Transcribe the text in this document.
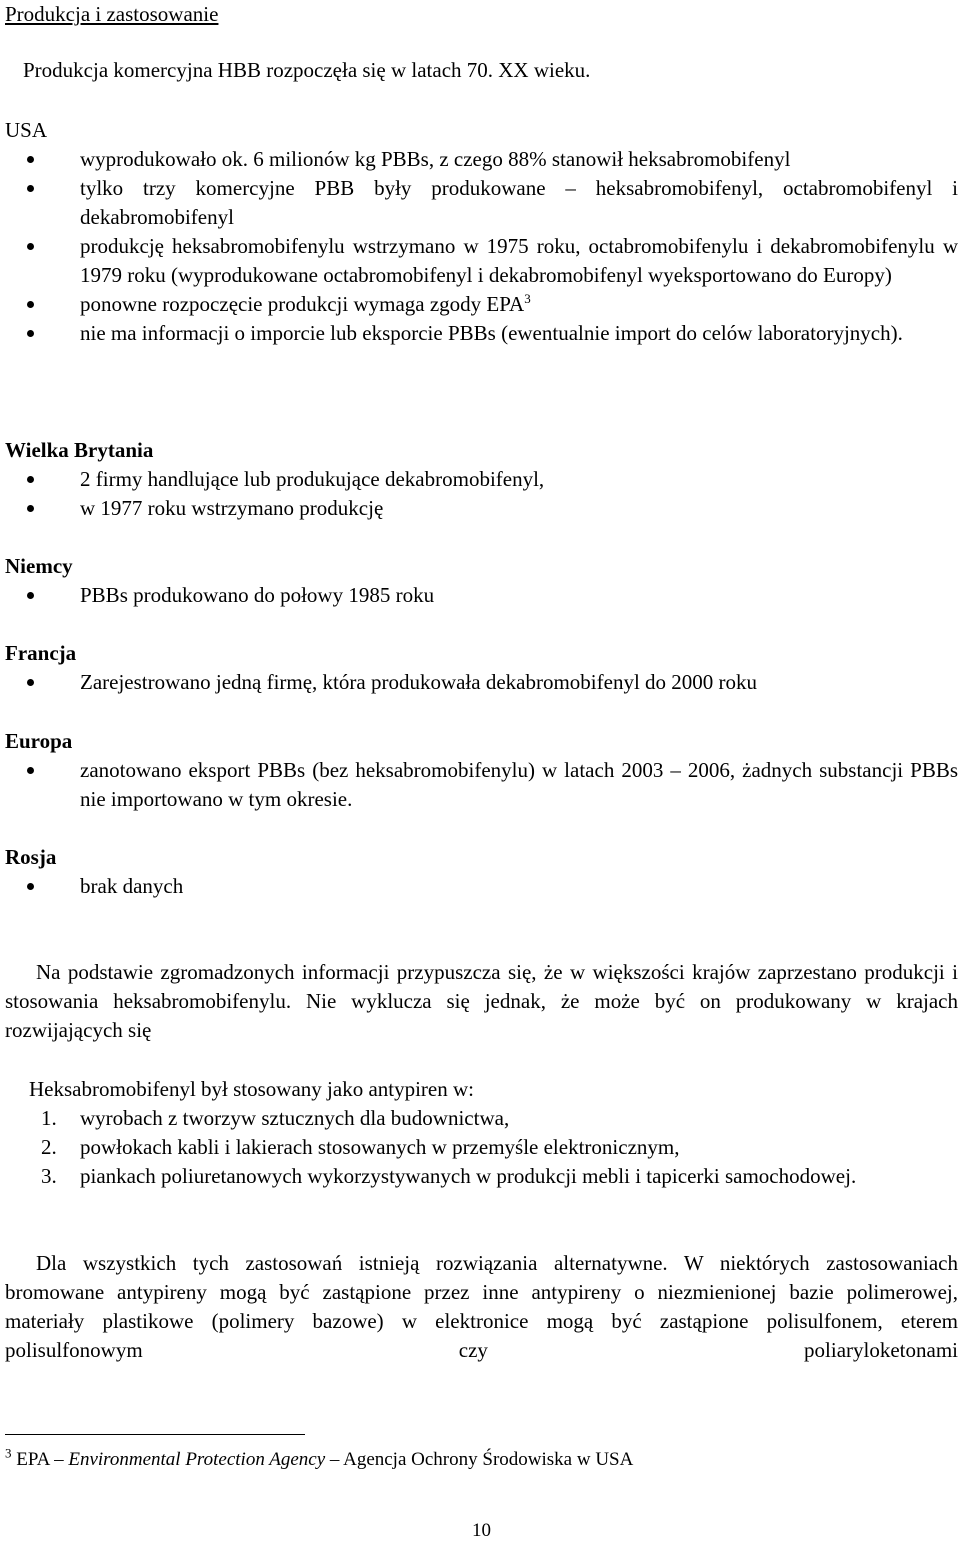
Produkcja i zastosowanie

Produkcja komercyjna HBB rozpoczęła się w latach 70. XX wieku.

USA

wyprodukowało ok. 6 milionów kg PBBs, z czego 88% stanowił heksabromobifenyl
tylko trzy komercyjne PBB były produkowane – heksabromobifenyl, octabromobifenyl i dekabromobifenyl
produkcję heksabromobifenylu wstrzymano w 1975 roku, octabromobifenylu i dekabromobifenylu w 1979 roku (wyprodukowane octabromobifenyl i dekabromobifenyl wyeksportowano do Europy)
ponowne rozpoczęcie produkcji wymaga zgody EPA$^3$
nie ma informacji o imporcie lub eksporcie PBBs (ewentualnie import do celów laboratoryjnych).

Wielka Brytania

2 firmy handlujące lub produkujące dekabromobifenyl,
w 1977 roku wstrzymano produkcję

Niemcy

PBBs produkowano do połowy 1985 roku

Francja

Zarejestrowano jedną firmę, która produkowała dekabromobifenyl do 2000 roku

Europa

zanotowano eksport PBBs (bez heksabromobifenylu) w latach 2003 – 2006, żadnych substancji PBBs nie importowano w tym okresie.

Rosja

brak danych

Na podstawie zgromadzonych informacji przypuszcza się, że w większości krajów zaprzestano produkcji i stosowania heksabromobifenylu. Nie wyklucza się jednak, że może być on produkowany w krajach rozwijających się

Heksabromobifenyl był stosowany jako antypiren w:

1. wyrobach z tworzyw sztucznych dla budownictwa,
2. powłokach kabli i lakierach stosowanych w przemyśle elektronicznym,
3. piankach poliuretanowych wykorzystywanych w produkcji mebli i tapicerki samochodowej.

Dla wszystkich tych zastosowań istnieją rozwiązania alternatywne. W niektórych zastosowaniach bromowane antypireny mogą być zastąpione przez inne antypireny o niezmienionej bazie polimerowej, materiały plastikowe (polimery bazowe) w elektronice mogą być zastąpione polisulfonem, eterem polisulfonowym czy poliaryloketonami

$^3$ EPA – Environmental Protection Agency – Agencja Ochrony Środowiska w USA

10
